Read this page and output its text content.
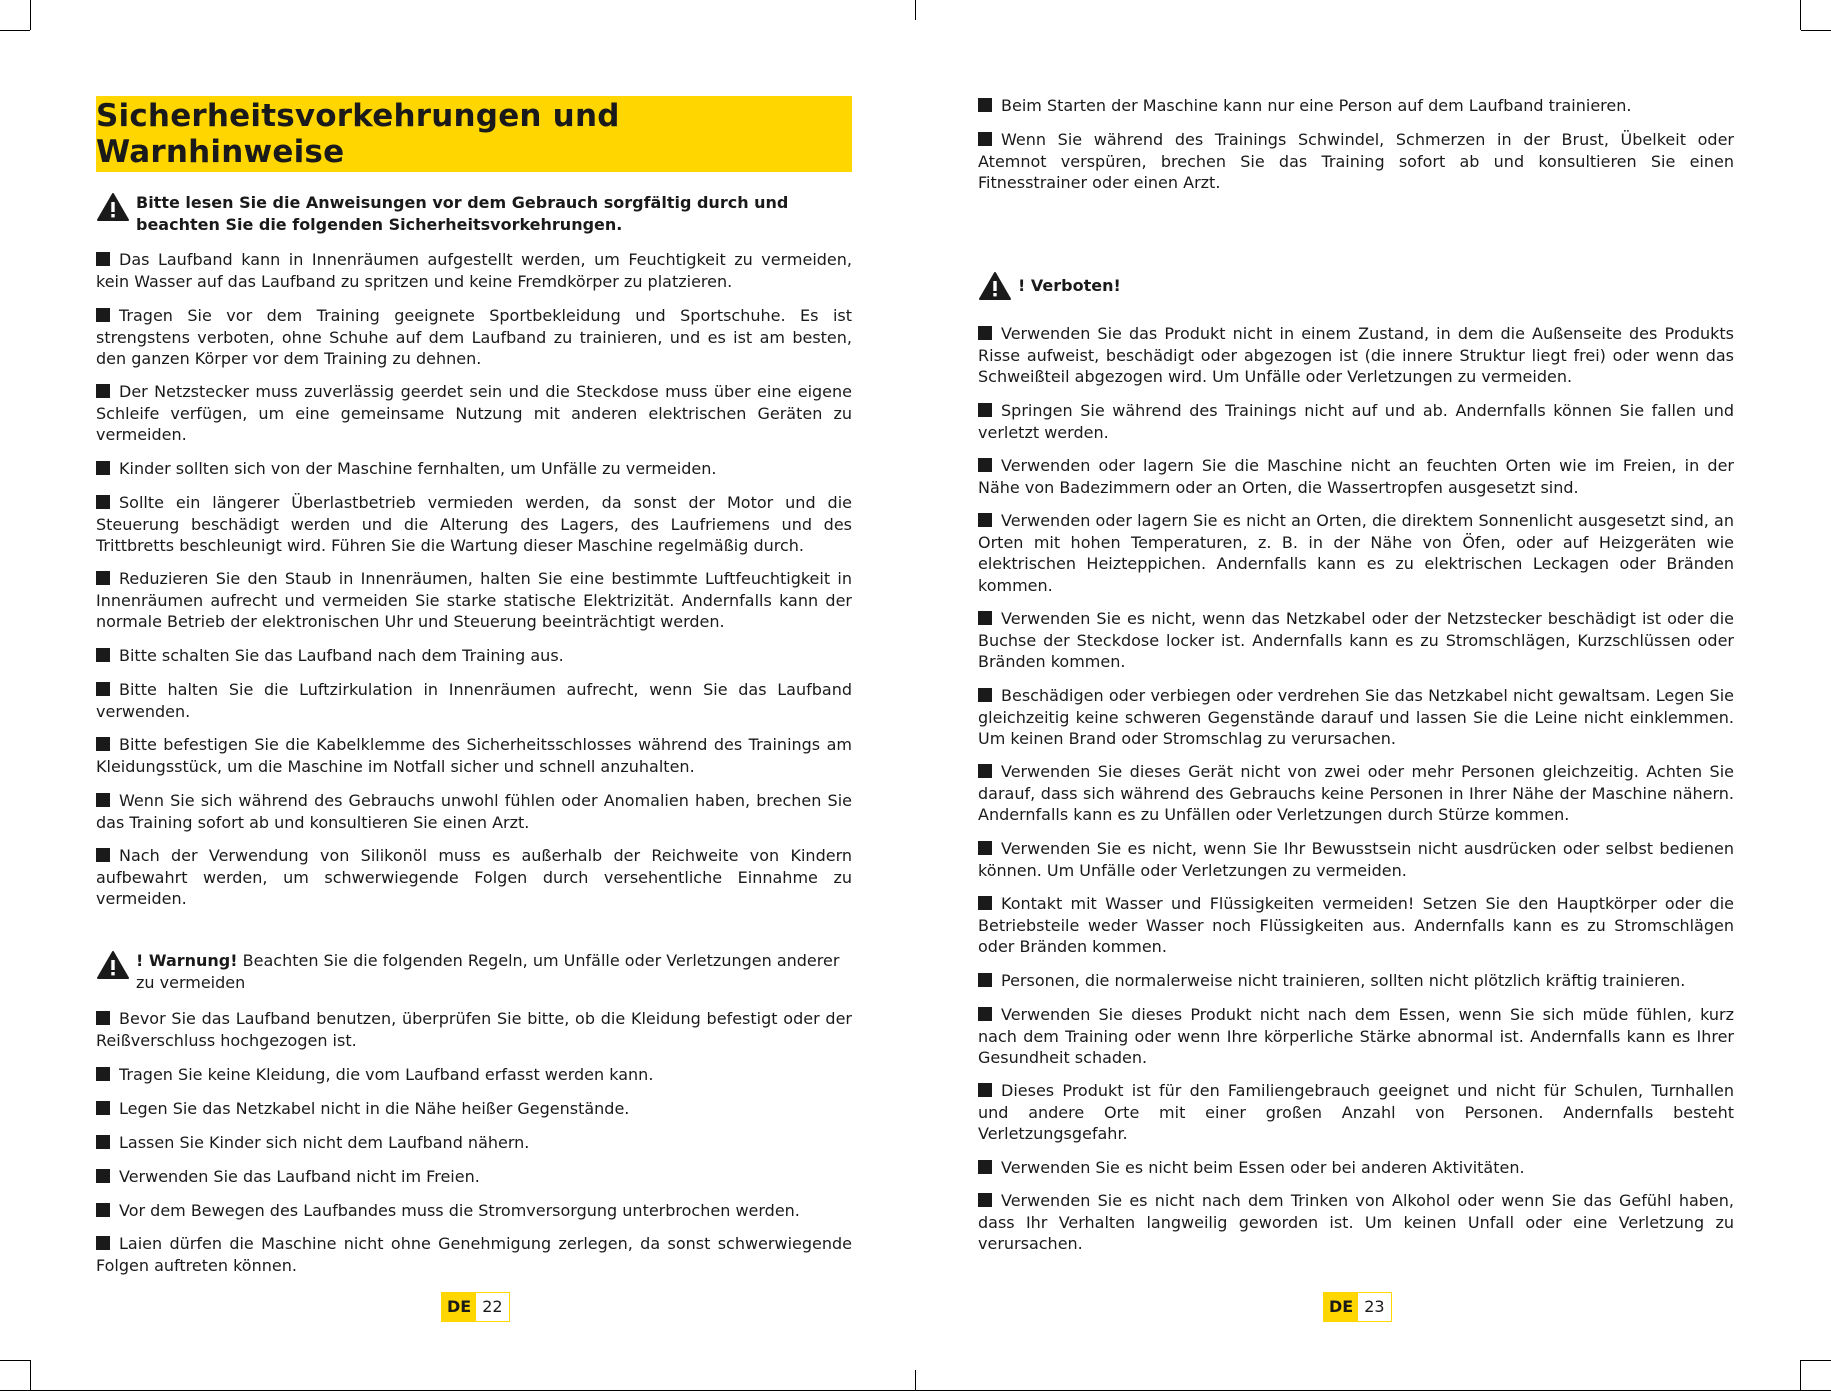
Sicherheitsvorkehrungen und Warnhinweise
Bitte lesen Sie die Anweisungen vor dem Gebrauch sorgfältig durch und beachten Sie die folgenden Sicherheitsvorkehrungen.

Das Laufband kann in Innenräumen aufgestellt werden, um Feuchtigkeit zu vermeiden, kein Wasser auf das Laufband zu spritzen und keine Fremdkörper zu platzieren.

Tragen Sie vor dem Training geeignete Sportbekleidung und Sportschuhe. Es ist strengstens verboten, ohne Schuhe auf dem Laufband zu trainieren, und es ist am besten, den ganzen Körper vor dem Training zu dehnen.

Der Netzstecker muss zuverlässig geerdet sein und die Steckdose muss über eine eigene Schleife verfügen, um eine gemeinsame Nutzung mit anderen elektrischen Geräten zu vermeiden.

Kinder sollten sich von der Maschine fernhalten, um Unfälle zu vermeiden.

Sollte ein längerer Überlastbetrieb vermieden werden, da sonst der Motor und die Steuerung beschädigt werden und die Alterung des Lagers, des Laufriemens und des Trittbretts beschleunigt wird. Führen Sie die Wartung dieser Maschine regelmäßig durch.

Reduzieren Sie den Staub in Innenräumen, halten Sie eine bestimmte Luftfeuchtigkeit in Innenräumen aufrecht und vermeiden Sie starke statische Elektrizität. Andernfalls kann der normale Betrieb der elektronischen Uhr und Steuerung beeinträchtigt werden.

Bitte schalten Sie das Laufband nach dem Training aus.

Bitte halten Sie die Luftzirkulation in Innenräumen aufrecht, wenn Sie das Laufband verwenden.

Bitte befestigen Sie die Kabelklemme des Sicherheitsschlosses während des Trainings am Kleidungsstück, um die Maschine im Notfall sicher und schnell anzuhalten.

Wenn Sie sich während des Gebrauchs unwohl fühlen oder Anomalien haben, brechen Sie das Training sofort ab und konsultieren Sie einen Arzt.

Nach der Verwendung von Silikonöl muss es außerhalb der Reichweite von Kindern aufbewahrt werden, um schwerwiegende Folgen durch versehentliche Einnahme zu vermeiden.

! Warnung! Beachten Sie die folgenden Regeln, um Unfälle oder Verletzungen anderer zu vermeiden

Bevor Sie das Laufband benutzen, überprüfen Sie bitte, ob die Kleidung befestigt oder der Reißverschluss hochgezogen ist.

Tragen Sie keine Kleidung, die vom Laufband erfasst werden kann.

Legen Sie das Netzkabel nicht in die Nähe heißer Gegenstände.

Lassen Sie Kinder sich nicht dem Laufband nähern.

Verwenden Sie das Laufband nicht im Freien.

Vor dem Bewegen des Laufbandes muss die Stromversorgung unterbrochen werden.

Laien dürfen die Maschine nicht ohne Genehmigung zerlegen, da sonst schwerwiegende Folgen auftreten können.

DE 22

Beim Starten der Maschine kann nur eine Person auf dem Laufband trainieren.

Wenn Sie während des Trainings Schwindel, Schmerzen in der Brust, Übelkeit oder Atemnot verspüren, brechen Sie das Training sofort ab und konsultieren Sie einen Fitnesstrainer oder einen Arzt.

! Verboten!

Verwenden Sie das Produkt nicht in einem Zustand, in dem die Außenseite des Produkts Risse aufweist, beschädigt oder abgezogen ist (die innere Struktur liegt frei) oder wenn das Schweißteil abgezogen wird. Um Unfälle oder Verletzungen zu vermeiden.

Springen Sie während des Trainings nicht auf und ab. Andernfalls können Sie fallen und verletzt werden.

Verwenden oder lagern Sie die Maschine nicht an feuchten Orten wie im Freien, in der Nähe von Badezimmern oder an Orten, die Wassertropfen ausgesetzt sind.

Verwenden oder lagern Sie es nicht an Orten, die direktem Sonnenlicht ausgesetzt sind, an Orten mit hohen Temperaturen, z. B. in der Nähe von Öfen, oder auf Heizgeräten wie elektrischen Heizteppichen. Andernfalls kann es zu elektrischen Leckagen oder Bränden kommen.

Verwenden Sie es nicht, wenn das Netzkabel oder der Netzstecker beschädigt ist oder die Buchse der Steckdose locker ist. Andernfalls kann es zu Stromschlägen, Kurzschlüssen oder Bränden kommen.

Beschädigen oder verbiegen oder verdrehen Sie das Netzkabel nicht gewaltsam. Legen Sie gleichzeitig keine schweren Gegenstände darauf und lassen Sie die Leine nicht einklemmen. Um keinen Brand oder Stromschlag zu verursachen.

Verwenden Sie dieses Gerät nicht von zwei oder mehr Personen gleichzeitig. Achten Sie darauf, dass sich während des Gebrauchs keine Personen in Ihrer Nähe der Maschine nähern. Andernfalls kann es zu Unfällen oder Verletzungen durch Stürze kommen.

Verwenden Sie es nicht, wenn Sie Ihr Bewusstsein nicht ausdrücken oder selbst bedienen können. Um Unfälle oder Verletzungen zu vermeiden.

Kontakt mit Wasser und Flüssigkeiten vermeiden! Setzen Sie den Hauptkörper oder die Betriebsteile weder Wasser noch Flüssigkeiten aus. Andernfalls kann es zu Stromschlägen oder Bränden kommen.

Personen, die normalerweise nicht trainieren, sollten nicht plötzlich kräftig trainieren.

Verwenden Sie dieses Produkt nicht nach dem Essen, wenn Sie sich müde fühlen, kurz nach dem Training oder wenn Ihre körperliche Stärke abnormal ist. Andernfalls kann es Ihrer Gesundheit schaden.

Dieses Produkt ist für den Familiengebrauch geeignet und nicht für Schulen, Turnhallen und andere Orte mit einer großen Anzahl von Personen. Andernfalls besteht Verletzungsgefahr.

Verwenden Sie es nicht beim Essen oder bei anderen Aktivitäten.

Verwenden Sie es nicht nach dem Trinken von Alkohol oder wenn Sie das Gefühl haben, dass Ihr Verhalten langweilig geworden ist. Um keinen Unfall oder eine Verletzung zu verursachen.

DE 23
